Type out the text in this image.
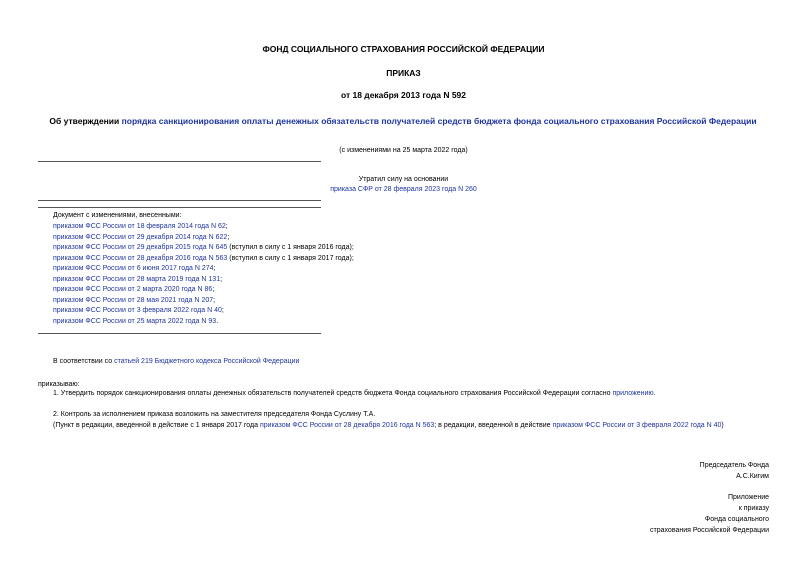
ФОНД СОЦИАЛЬНОГО СТРАХОВАНИЯ РОССИЙСКОЙ ФЕДЕРАЦИИ
ПРИКАЗ
от 18 декабря 2013 года N 592
Об утверждении порядка санкционирования оплаты денежных обязательств получателей средств бюджета фонда социального страхования Российской Федерации
(с изменениями на 25 марта 2022 года)
Утратил силу на основании
приказа СФР от 28 февраля 2023 года N 260
Документ с изменениями, внесенными:
приказом ФСС России от 18 февраля 2014 года N 62;
приказом ФСС России от 29 декабря 2014 года N 622;
приказом ФСС России от 29 декабря 2015 года N 645 (вступил в силу с 1 января 2016 года);
приказом ФСС России от 28 декабря 2016 года N 563 (вступил в силу с 1 января 2017 года);
приказом ФСС России от 6 июня 2017 года N 274;
приказом ФСС России от 28 марта 2019 года N 131;
приказом ФСС России от 2 марта 2020 года N 86;
приказом ФСС России от 28 мая 2021 года N 207;
приказом ФСС России от 3 февраля 2022 года N 40;
приказом ФСС России от 25 марта 2022 года N 93.
В соответствии со статьей 219 Бюджетного кодекса Российской Федерации
приказываю:
1. Утвердить порядок санкционирования оплаты денежных обязательств получателей средств бюджета Фонда социального страхования Российской Федерации согласно приложению.
2. Контроль за исполнением приказа возложить на заместителя председателя Фонда Суслину Т.А.
(Пункт в редакции, введенной в действие с 1 января 2017 года приказом ФСС России от 28 декабря 2016 года N 563; в редакции, введенной в действие приказом ФСС России от 3 февраля 2022 года N 40)
Председатель Фонда
А.С.Кигим
Приложение
к приказу
Фонда социального
страхования Российской Федерации
